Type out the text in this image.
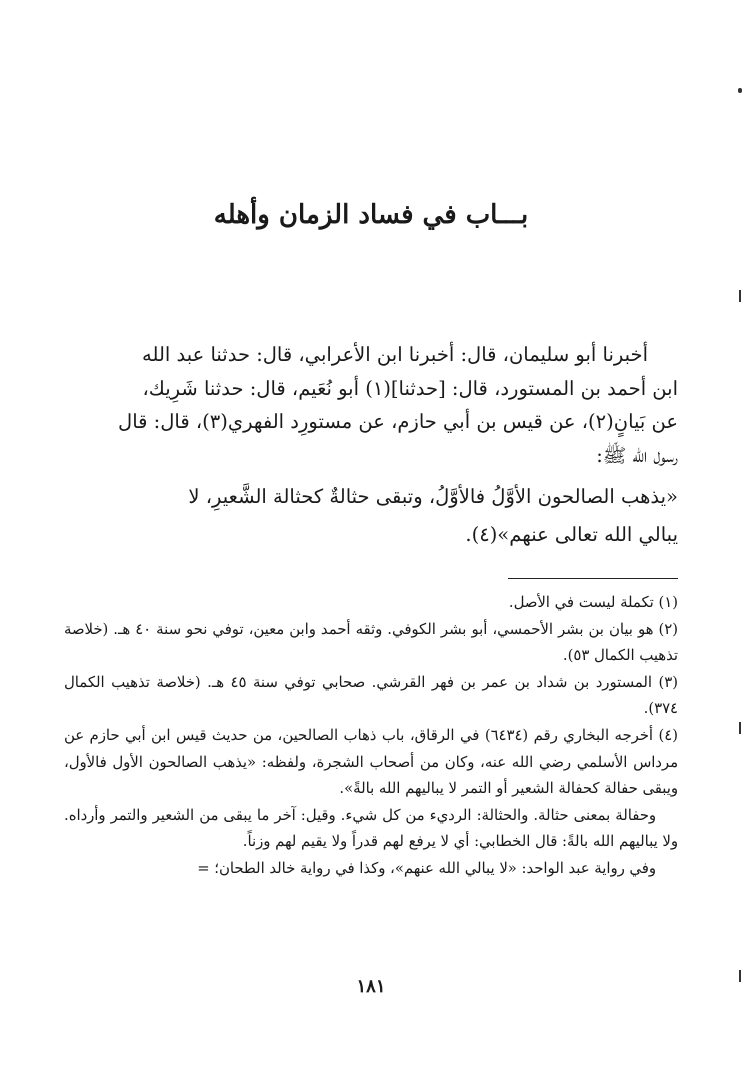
بـــاب في فساد الزمان وأهله

أخبرنا أبو سليمان، قال: أخبرنا ابن الأعرابي، قال: حدثنا عبد الله

ابن أحمد بن المستورد، قال: [حدثنا](١) أبو نُعَيم، قال: حدثنا شَرِيك،

عن بَيانٍ(٢)، عن قيس بن أبي حازم، عن مستورِد الفهري(٣)، قال: قال

رسول الله ﷺ:

«يذهب الصالحون الأوَّلُ فالأوَّلُ، وتبقى حثالةٌ كحثالة الشَّعيرِ، لا

يبالي الله تعالى عنهم»(٤).

(١) تكملة ليست في الأصل.

(٢) هو بيان بن بشر الأحمسي، أبو بشر الكوفي. وثقه أحمد وابن معين، توفي نحو سنة ٤٠ هـ. (خلاصة تذهيب الكمال ٥٣).

(٣) المستورد بن شداد بن عمر بن فهر القرشي. صحابي توفي سنة ٤٥ هـ. (خلاصة تذهيب الكمال ٣٧٤).

(٤) أخرجه البخاري رقم (٦٤٣٤) في الرقاق، باب ذهاب الصالحين، من حديث قيس ابن أبي حازم عن مرداس الأسلمي رضي الله عنه، وكان من أصحاب الشجرة، ولفظه: «يذهب الصالحون الأول فالأول، ويبقى حفالة كحفالة الشعير أو التمر لا يباليهم الله بالةً».

وحفالة بمعنى حثالة. والحثالة: الرديء من كل شيء. وقيل: آخر ما يبقى من الشعير والتمر وأرداه. ولا يباليهم الله بالةً: قال الخطابي: أي لا يرفع لهم قدراً ولا يقيم لهم وزناً.

وفي رواية عبد الواحد: «لا يبالي الله عنهم»، وكذا في رواية خالد الطحان؛ =

١٨١
